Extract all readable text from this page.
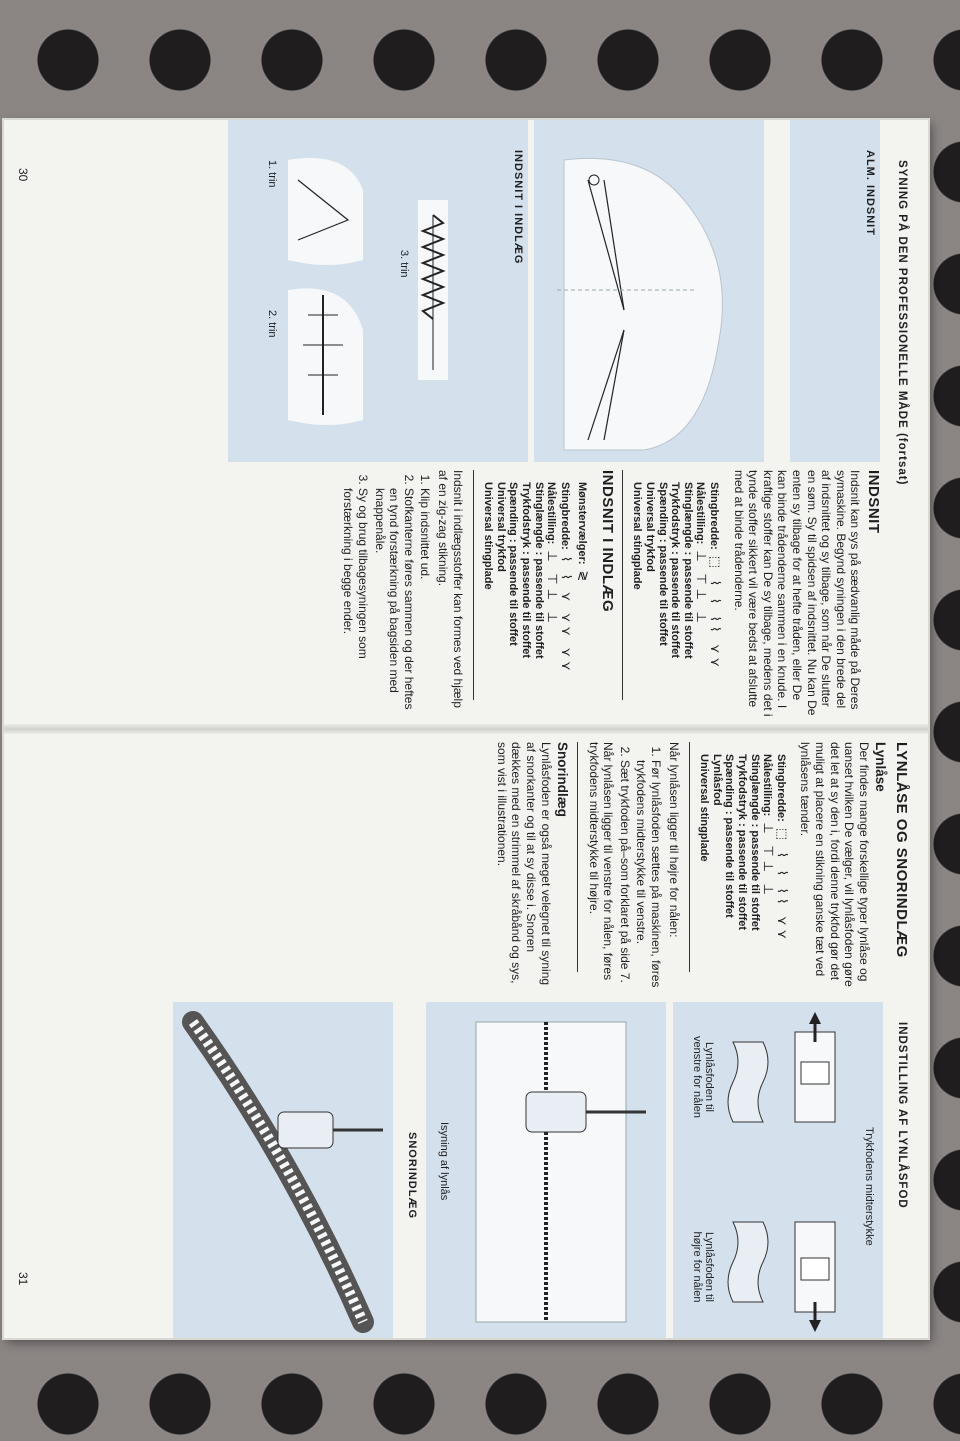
SYNING PÅ DEN PROFESSIONELLE MÅDE (fortsat)
ALM. INDSNIT
1. trin
2. trin
3. trin	INDSNIT I INDLÆG
INDSNIT

Indsnit kan sys på sædvanlig måde på Deres symaskine. Begynd syningen i den brede del af indsnittet og sy tilbage, som når De slutter en søm. Sy til spidsen af indsnittet. Nu kan De enten sy tilbage for at hefte tråden, eller De kan binde trådenderne sammen i en knude. I kraftige stoffer kan De sy tilbage, medens det i tynde stoffer sikkert vil være bedst at afslutte med at binde trådenderne.

Stingbredde:⬚ ⌇ ⌇ ⌇⌇ ⋎⋎
Nålestilling:⊥ ⊤⊥ ⊥
Stinglængde : passende til stoffet
Trykfodstryk : passende til stoffet
Spænding : passende til stoffet
Universal trykfod
Universal stingplade
INDSNIT I INDLÆG
Mønstervælger:≷
Stingbredde:⌇ ⌇ ⋎ ⋎⋎ ⋎⋎
Nålestilling:⊥ ⊤⊥ ⊥
Stinglængde : passende til stoffet
Trykfodstryk : passende til stoffet
Spænding : passende til stoffet
Universal trykfod
Universal stingplade

Indsnit i indlægsstoffer kan formes ved hjælp af en zig-zag stikning.

1. Klip indsnittet ud.
2. Stofkanterne føres sammen og der heftes en tynd forstærkning på bagsiden med knappenåle.
3. Sy og brug tilbagesyningen som forstærkning i begge ender.
30
LYNLÅSE OG SNORINDLÆG
Lynlåse

Der findes mange forskellige typer lynlåse og uanset hvilken De vælger, vil lynlåsfoden gøre det let at sy den i, fordi denne trykfod gør det muligt at placere en stikning ganske tæt ved lynlåsens tænder.

Stingbredde:⬚ ⌇ ⌇ ⌇⌇ ⋎⋎
Nålestilling:⊥ ⊤⊥ ⊥
Stinglængde : passende til stoffet
Trykfodstryk : passende til stoffet
Spænding : passende til stoffet
Lynlåsfod
Universal stingplade

Når lynlåsen ligger til højre for nålen:

1. Før lynlåsfoden sættes på maskinen, føres trykfodens midterstykke til venstre.
2. Sæt trykfoden på–som forklaret på side 7.

Når lynlåsen ligger til venstre for nålen, føres trykfodens midterstykke til højre.

Snorindlæg

Lynlåsfoden er også meget velegnet til syning af snorkanter og til at sy disse i. Snoren dækkes med en strimmel af skråbånd og sys, som vist i illustrationen.

INDSTILLING AF LYNLÅSFOD
Trykfodens midterstykke
Lynlåsfoden til venstre for nålen
Lynlåsfoden til højre for nålen
Isyning af lynlås
SNORINDLÆG
31
